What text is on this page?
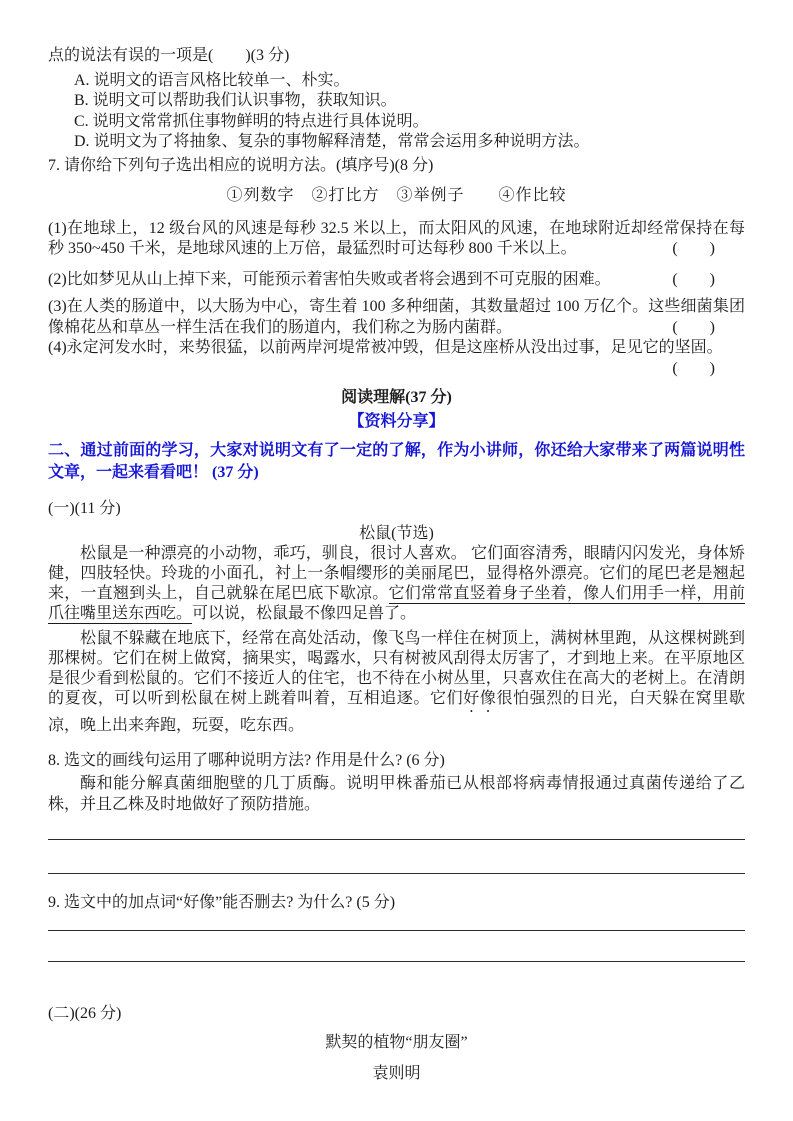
点的说法有误的一项是(　　)(3 分)
A. 说明文的语言风格比较单一、朴实。
B. 说明文可以帮助我们认识事物，获取知识。
C. 说明文常常抓住事物鲜明的特点进行具体说明。
D. 说明文为了将抽象、复杂的事物解释清楚，常常会运用多种说明方法。
7. 请你给下列句子选出相应的说明方法。(填序号)(8 分)
①列数字　②打比方　③举例子　　④作比较
(1)在地球上，12 级台风的风速是每秒 32.5 米以上，而太阳风的风速，在地球附近却经常保持在每秒 350~450 千米，是地球风速的上万倍，最猛烈时可达每秒 800 千米以上。	(　　)
(2)比如梦见从山上掉下来，可能预示着害怕失败或者将会遇到不可克服的困难。	(　　)
(3)在人类的肠道中，以大肠为中心，寄生着 100 多种细菌，其数量超过 100 万亿个。这些细菌集团像棉花丛和草丛一样生活在我们的肠道内，我们称之为肠内菌群。	(　　)
(4)永定河发水时，来势很猛，以前两岸河堤常被冲毁，但是这座桥从没出过事，足见它的坚固。
(　　)
阅读理解(37 分)
【资料分享】
二、通过前面的学习，大家对说明文有了一定的了解，作为小讲师，你还给大家带来了两篇说明性文章，一起来看看吧！ (37 分)
(一)(11 分)
松鼠(节选)

松鼠是一种漂亮的小动物，乖巧，驯良，很讨人喜欢。 它们面容清秀，眼睛闪闪发光，身体矫健，四肢轻快。玲珑的小面孔，衬上一条帽缨形的美丽尾巴，显得格外漂亮。它们的尾巴老是翘起来，一直翘到头上，自己就躲在尾巴底下歇凉。它们常常直竖着身子坐着，像人们用手一样，用前爪往嘴里送东西吃。可以说，松鼠最不像四足兽了。

松鼠不躲藏在地底下，经常在高处活动，像飞鸟一样住在树顶上，满树林里跑，从这棵树跳到那棵树。它们在树上做窝，摘果实，喝露水，只有树被风刮得太厉害了，才到地上来。在平原地区是很少看到松鼠的。它们不接近人的住宅，也不待在小树丛里，只喜欢住在高大的老树上。在清朗的夏夜，可以听到松鼠在树上跳着叫着，互相追逐。它们好像很怕强烈的日光，白天躲在窝里歇凉，晚上出来奔跑，玩耍，吃东西。

8. 选文的画线句运用了哪种说明方法? 作用是什么? (6 分)
酶和能分解真菌细胞壁的几丁质酶。说明甲株番茄已从根部将病毒情报通过真菌传递给了乙株，并且乙株及时地做好了预防措施。
9. 选文中的加点词“好像”能否删去? 为什么? (5 分)
(二)(26 分)
默契的植物“朋友圈”
袁则明
